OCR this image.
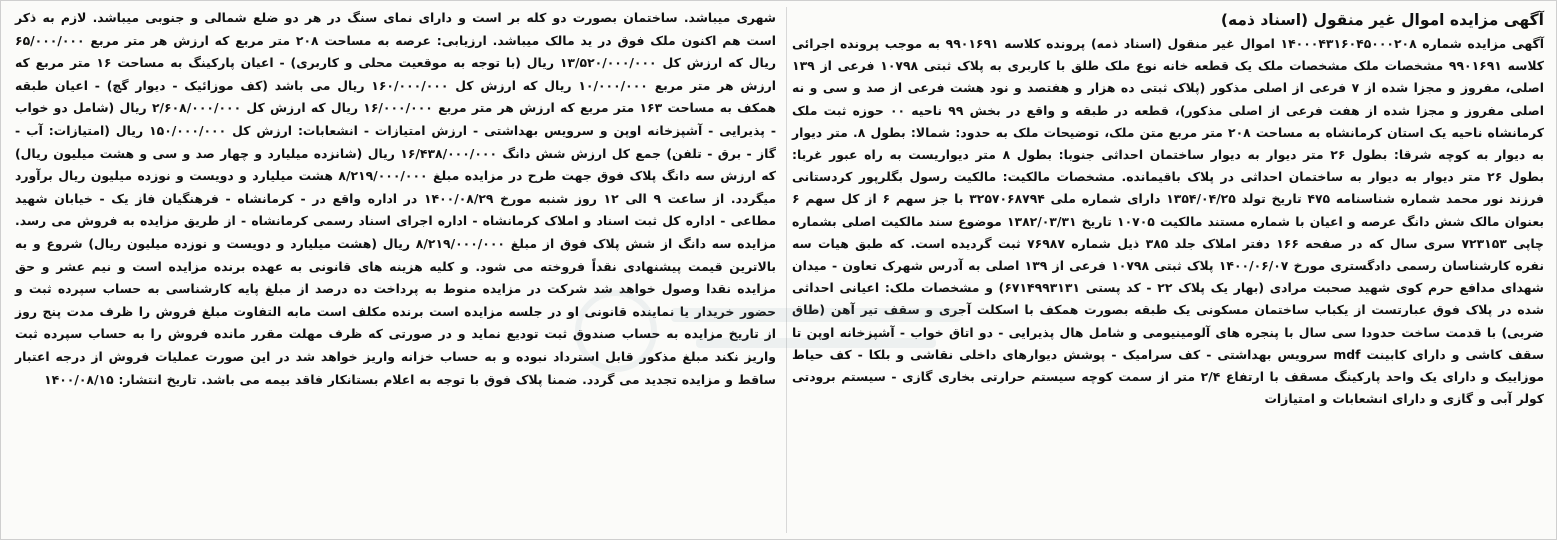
آگهی مزایده اموال غیر منقول (اسناد ذمه)

آگهی مزایده شماره ۱۴۰۰۰۴۳۱۶۰۴۵۰۰۰۲۰۸ اموال غیر منقول (اسناد ذمه) پرونده کلاسه ۹۹۰۱۶۹۱ به موجب پرونده اجرائی کلاسه ۹۹۰۱۶۹۱ مشخصات ملک مشخصات ملک یک قطعه خانه نوع ملک طلق با کاربری به پلاک ثبتی ۱۰۷۹۸ فرعی از ۱۳۹ اصلی، مفروز و مجزا شده از ۷ فرعی از اصلی مذکور (پلاک ثبتی ده هزار و هفتصد و نود هشت فرعی از صد و سی و نه اصلی مفروز و مجزا شده از هفت فرعی از اصلی مذکور)، قطعه در طبقه و واقع در بخش ۹۹ ناحیه ۰۰ حوزه ثبت ملک کرمانشاه ناحیه یک استان کرمانشاه به مساحت ۲۰۸ متر مربع متن ملک، توضیحات ملک به حدود: شمالا: بطول ۸. متر دیوار به دیوار به کوچه شرقا: بطول ۲۶ متر دیوار به دیوار ساختمان احداثی جنوبا: بطول ۸ متر دیواریست به راه عبور غربا: بطول ۲۶ متر دیوار به دیوار به ساختمان احداثی در پلاک باقیمانده. مشخصات مالکیت: مالکیت رسول بگلرپور کردستانی فرزند نور محمد شماره شناسنامه ۴۷۵ تاریخ تولد ۱۳۵۴/۰۴/۲۵ دارای شماره ملی ۳۲۵۷۰۶۸۷۹۴ با جز سهم ۶ از کل سهم ۶ بعنوان مالک شش دانگ عرصه و اعیان با شماره مستند مالکیت ۱۰۷۰۵ تاریخ ۱۳۸۲/۰۳/۳۱ موضوع سند مالکیت اصلی بشماره چاپی ۷۲۳۱۵۳ سری سال که در صفحه ۱۶۶ دفتر املاک جلد ۳۸۵ ذیل شماره ۷۶۹۸۷ ثبت گردیده است. که طبق هیات سه نفره کارشناسان رسمی دادگستری مورخ ۱۴۰۰/۰۶/۰۷ پلاک ثبتی ۱۰۷۹۸ فرعی از ۱۳۹ اصلی به آدرس شهرک تعاون - میدان شهدای مدافع حرم کوی شهید صحبت مرادی (بهار یک پلاک ۲۲ - کد پستی ۶۷۱۴۹۹۳۱۳۱) و مشخصات ملک: اعیانی احداثی شده در پلاک فوق عبارتست از یکباب ساختمان مسکونی یک طبقه بصورت همکف با اسکلت آجری و سقف تیر آهن (طاق ضربی) با قدمت ساخت حدودا سی سال با پنجره های آلومینیومی و شامل هال پذیرایی - دو اتاق خواب - آشپزخانه اوپن تا سقف کاشی و دارای کابینت mdf سرویس بهداشتی - کف سرامیک - پوشش دیوارهای داخلی نقاشی و بلکا - کف حیاط موزاییک و دارای یک واحد پارکینگ مسقف با ارتفاع ۲/۴ متر از سمت کوچه سیستم حرارتی بخاری گازی - سیستم برودتی کولر آبی و گازی و دارای انشعابات و امتیازات

شهری میباشد. ساختمان بصورت دو کله بر است و دارای نمای سنگ در هر دو ضلع شمالی و جنوبی میباشد. لازم به ذکر است هم اکنون ملک فوق در ید مالک میباشد. ارزیابی: عرصه به مساحت ۲۰۸ متر مربع که ارزش هر متر مربع ۶۵/۰۰۰/۰۰۰ ریال که ارزش کل ۱۳/۵۲۰/۰۰۰/۰۰۰ ریال (با توجه به موقعیت محلی و کاربری) - اعیان پارکینگ به مساحت ۱۶ متر مربع که ارزش هر متر مربع ۱۰/۰۰۰/۰۰۰ ریال که ارزش کل ۱۶۰/۰۰۰/۰۰۰ ریال می باشد (کف موزائیک - دیوار گچ) - اعیان طبقه همکف به مساحت ۱۶۳ متر مربع که ارزش هر متر مربع ۱۶/۰۰۰/۰۰۰ ریال که ارزش کل ۲/۶۰۸/۰۰۰/۰۰۰ ریال (شامل دو خواب - پذیرایی - آشپزخانه اوپن و سرویس بهداشتی - ارزش امتیازات - انشعابات: ارزش کل ۱۵۰/۰۰۰/۰۰۰ ریال (امتیازات: آب - گاز - برق - تلفن) جمع کل ارزش شش دانگ ۱۶/۴۳۸/۰۰۰/۰۰۰ ریال (شانزده میلیارد و چهار صد و سی و هشت میلیون ریال) که ارزش سه دانگ پلاک فوق جهت طرح در مزایده مبلغ ۸/۲۱۹/۰۰۰/۰۰۰ هشت میلیارد و دویست و نوزده میلیون ریال برآورد میگردد. از ساعت ۹ الی ۱۲ روز شنبه مورخ ۱۴۰۰/۰۸/۲۹ در اداره واقع در - کرمانشاه - فرهنگیان فاز یک - خیابان شهید مطاعی - اداره کل ثبت اسناد و املاک کرمانشاه - اداره اجرای اسناد رسمی کرمانشاه - از طریق مزایده به فروش می رسد. مزایده سه دانگ از شش پلاک فوق از مبلغ ۸/۲۱۹/۰۰۰/۰۰۰ ریال (هشت میلیارد و دویست و نوزده میلیون ریال) شروع و به بالاترین قیمت پیشنهادی نقداً فروخته می شود. و کلیه هزینه های قانونی به عهده برنده مزایده است و نیم عشر و حق مزایده نقدا وصول خواهد شد شرکت در مزایده منوط به پرداخت ده درصد از مبلغ پایه کارشناسی به حساب سپرده ثبت و حضور خریدار یا نماینده قانونی او در جلسه مزایده است برنده مکلف است مابه التفاوت مبلغ فروش را ظرف مدت پنج روز از تاریخ مزایده به حساب صندوق ثبت تودیع نماید و در صورتی که ظرف مهلت مقرر مانده فروش را به حساب سپرده ثبت واریز نکند مبلغ مذکور قابل استرداد نبوده و به حساب خزانه واریز خواهد شد در این صورت عملیات فروش از درجه اعتبار ساقط و مزایده تجدید می گردد. ضمنا پلاک فوق با توجه به اعلام بستانکار فاقد بیمه می باشد. تاریخ انتشار: ۱۴۰۰/۰۸/۱۵
